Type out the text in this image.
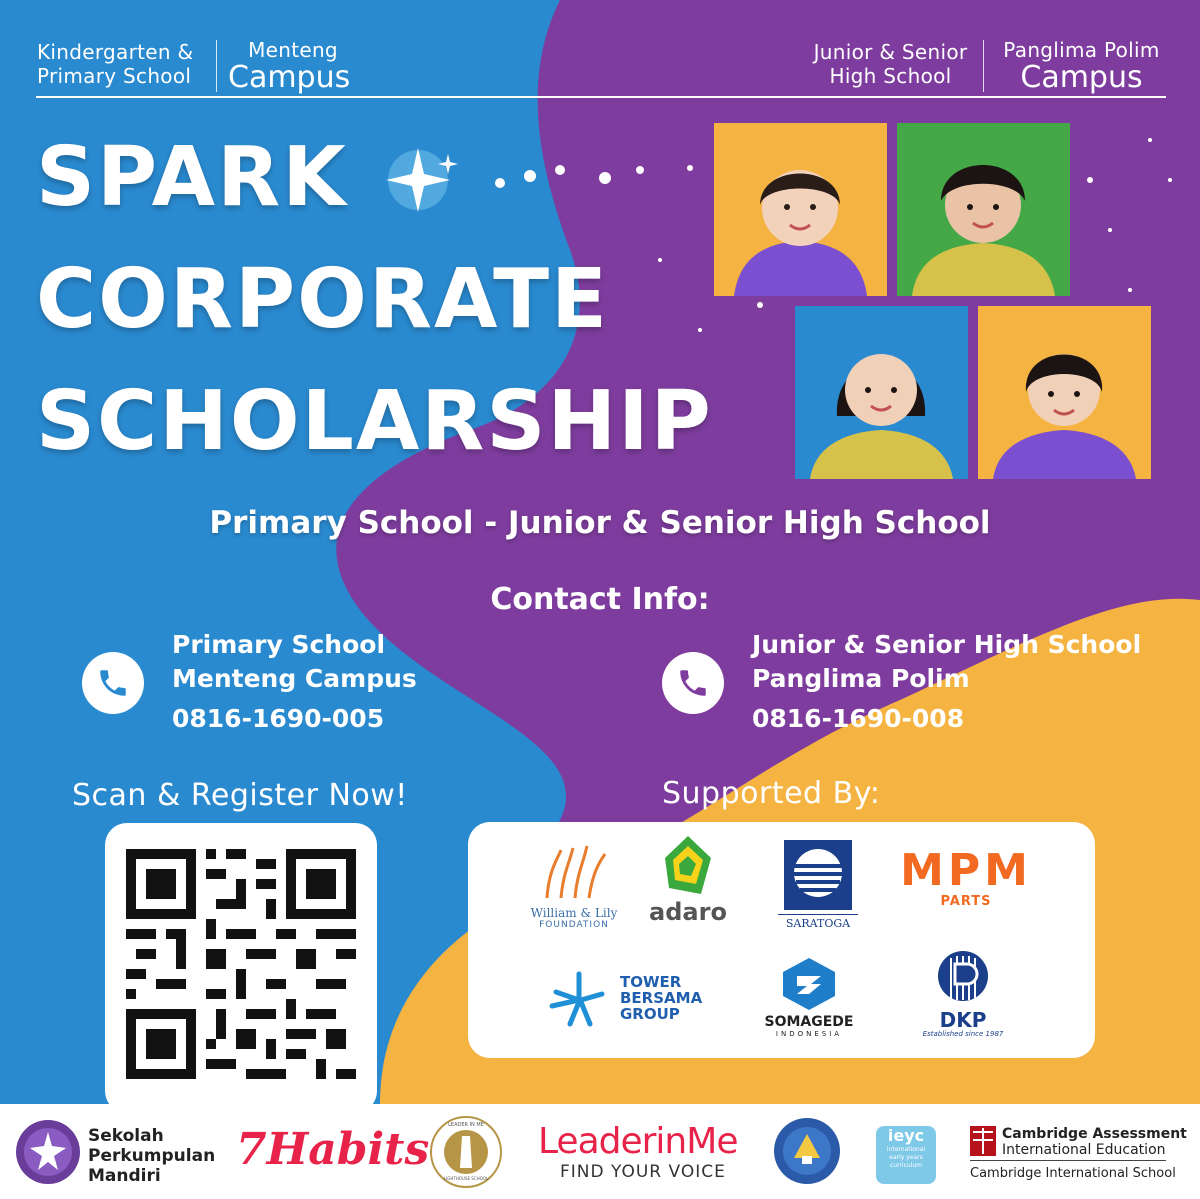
Kindergarten &
Primary School
Menteng
Campus
Junior & Senior
High School
Panglima Polim
Campus
SPARK
CORPORATE
SCHOLARSHIP
Primary School - Junior & Senior High School
Contact Info:
Primary School
Menteng Campus
0816-1690-005
Junior & Senior High School
Panglima Polim
0816-1690-008
Scan & Register Now!	Supported By:
William & Lily
FOUNDATION	adaro	SARATOGA
MPM
PARTS
TOWER
BERSAMA
GROUP	SOMAGEDE
INDONESIA
DKP
Established since 1987
Sekolah
Perkumpulan
Mandiri
7Habits	LEADER IN ME
LIGHTHOUSE SCHOOL
LeaderinMe
FIND YOUR VOICE
ieyc
international
early years
curriculum
Cambridge Assessment
International Education
Cambridge International School
